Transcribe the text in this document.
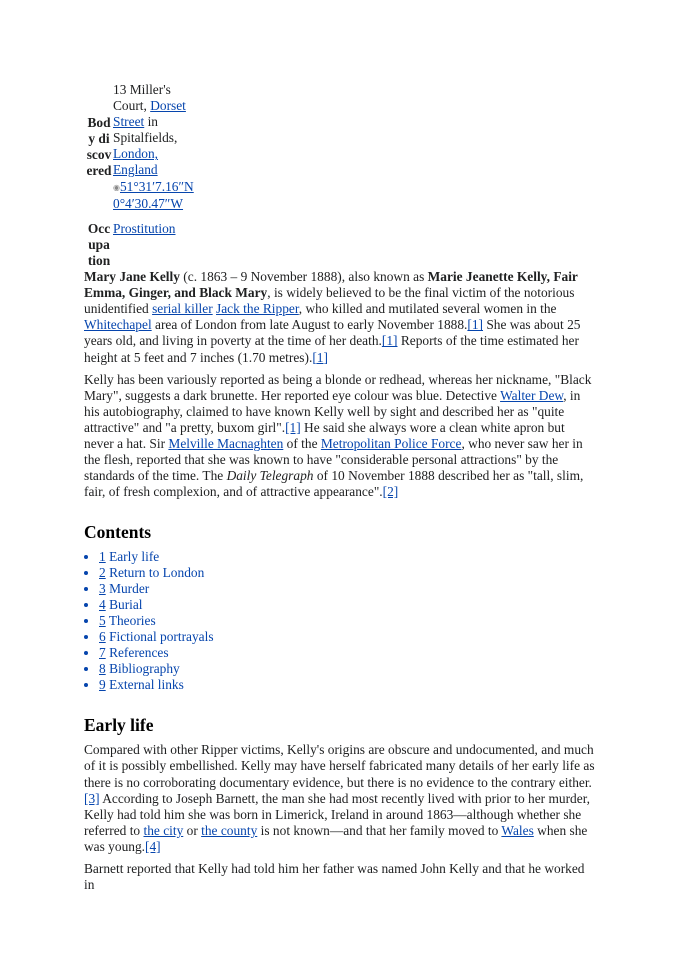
Body discovered	13 Miller's Court, Dorset Street in Spitalfields, London, England
◉51°31′7.16″N 0°4′30.47″W
Occupation	Prostitution

Mary Jane Kelly (c. 1863 – 9 November 1888), also known as Marie Jeanette Kelly, Fair Emma, Ginger, and Black Mary, is widely believed to be the final victim of the notorious unidentified serial killer Jack the Ripper, who killed and mutilated several women in the Whitechapel area of London from late August to early November 1888.[1] She was about 25 years old, and living in poverty at the time of her death.[1] Reports of the time estimated her height at 5 feet and 7 inches (1.70 metres).[1]

Kelly has been variously reported as being a blonde or redhead, whereas her nickname, "Black Mary", suggests a dark brunette. Her reported eye colour was blue. Detective Walter Dew, in his autobiography, claimed to have known Kelly well by sight and described her as "quite attractive" and "a pretty, buxom girl".[1] He said she always wore a clean white apron but never a hat. Sir Melville Macnaghten of the Metropolitan Police Force, who never saw her in the flesh, reported that she was known to have "considerable personal attractions" by the standards of the time. The Daily Telegraph of 10 November 1888 described her as "tall, slim, fair, of fresh complexion, and of attractive appearance".[2]

Contents
• 1 Early life
• 2 Return to London
• 3 Murder
• 4 Burial
• 5 Theories
• 6 Fictional portrayals
• 7 References
• 8 Bibliography
• 9 External links
Early life

Compared with other Ripper victims, Kelly's origins are obscure and undocumented, and much of it is possibly embellished. Kelly may have herself fabricated many details of her early life as there is no corroborating documentary evidence, but there is no evidence to the contrary either.
[3] According to Joseph Barnett, the man she had most recently lived with prior to her murder, Kelly had told him she was born in Limerick, Ireland in around 1863—although whether she referred to the city or the county is not known—and that her family moved to Wales when she was young.[4]

Barnett reported that Kelly had told him her father was named John Kelly and that he worked in
